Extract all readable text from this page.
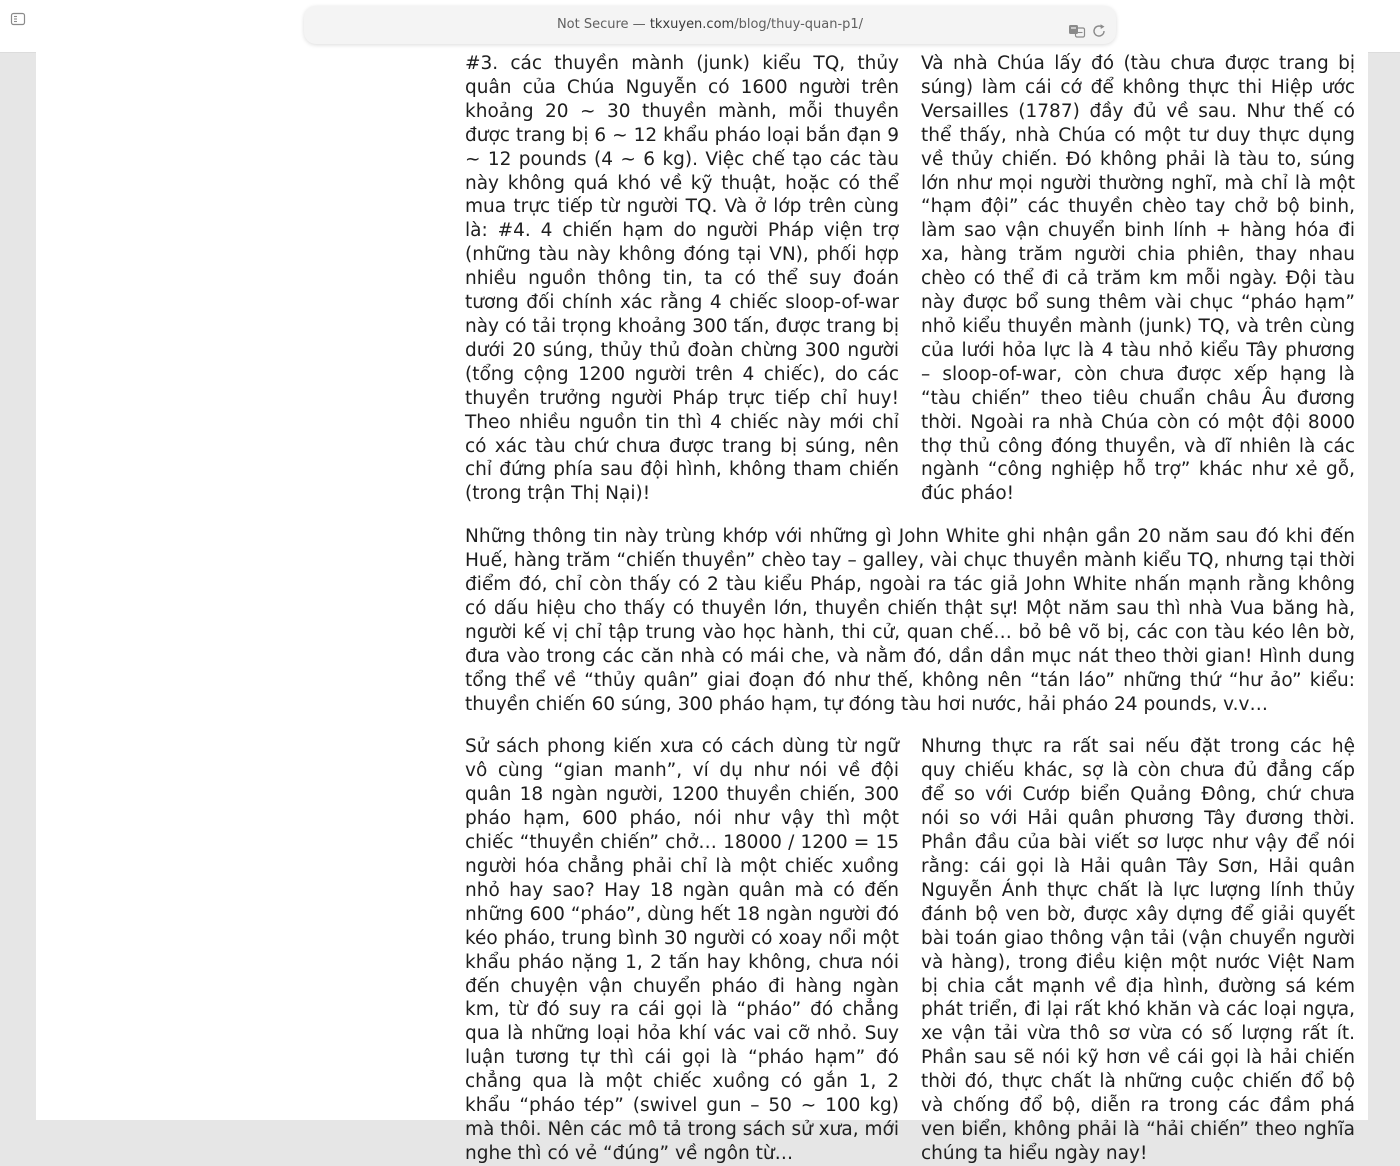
Not Secure — tkxuyen.com/blog/thuy-quan-p1/

#3. các thuyền mành (junk) kiểu TQ, thủy quân của Chúa Nguyễn có 1600 người trên khoảng 20 ~ 30 thuyền mành, mỗi thuyền được trang bị 6 ~ 12 khẩu pháo loại bắn đạn 9 ~ 12 pounds (4 ~ 6 kg). Việc chế tạo các tàu này không quá khó về kỹ thuật, hoặc có thể mua trực tiếp từ người TQ. Và ở lớp trên cùng là: #4. 4 chiến hạm do người Pháp viện trợ (những tàu này không đóng tại VN), phối hợp nhiều nguồn thông tin, ta có thể suy đoán tương đối chính xác rằng 4 chiếc sloop-of-war này có tải trọng khoảng 300 tấn, được trang bị dưới 20 súng, thủy thủ đoàn chừng 300 người (tổng cộng 1200 người trên 4 chiếc), do các thuyền trưởng người Pháp trực tiếp chỉ huy! Theo nhiều nguồn tin thì 4 chiếc này mới chỉ có xác tàu chứ chưa được trang bị súng, nên chỉ đứng phía sau đội hình, không tham chiến (trong trận Thị Nại)!

Và nhà Chúa lấy đó (tàu chưa được trang bị súng) làm cái cớ để không thực thi Hiệp ước Versailles (1787) đầy đủ về sau. Như thế có thể thấy, nhà Chúa có một tư duy thực dụng về thủy chiến. Đó không phải là tàu to, súng lớn như mọi người thường nghĩ, mà chỉ là một “hạm đội” các thuyền chèo tay chở bộ binh, làm sao vận chuyển binh lính + hàng hóa đi xa, hàng trăm người chia phiên, thay nhau chèo có thể đi cả trăm km mỗi ngày. Đội tàu này được bổ sung thêm vài chục “pháo hạm” nhỏ kiểu thuyền mành (junk) TQ, và trên cùng của lưới hỏa lực là 4 tàu nhỏ kiểu Tây phương – sloop-of-war, còn chưa được xếp hạng là “tàu chiến” theo tiêu chuẩn châu Âu đương thời. Ngoài ra nhà Chúa còn có một đội 8000 thợ thủ công đóng thuyền, và dĩ nhiên là các ngành “công nghiệp hỗ trợ” khác như xẻ gỗ, đúc pháo!

Những thông tin này trùng khớp với những gì John White ghi nhận gần 20 năm sau đó khi đến Huế, hàng trăm “chiến thuyền” chèo tay – galley, vài chục thuyền mành kiểu TQ, nhưng tại thời điểm đó, chỉ còn thấy có 2 tàu kiểu Pháp, ngoài ra tác giả John White nhấn mạnh rằng không có dấu hiệu cho thấy có thuyền lớn, thuyền chiến thật sự! Một năm sau thì nhà Vua băng hà, người kế vị chỉ tập trung vào học hành, thi cử, quan chế… bỏ bê võ bị, các con tàu kéo lên bờ, đưa vào trong các căn nhà có mái che, và nằm đó, dần dần mục nát theo thời gian! Hình dung tổng thể về “thủy quân” giai đoạn đó như thế, không nên “tán láo” những thứ “hư ảo” kiểu: thuyền chiến 60 súng, 300 pháo hạm, tự đóng tàu hơi nước, hải pháo 24 pounds, v.v…

Sử sách phong kiến xưa có cách dùng từ ngữ vô cùng “gian manh”, ví dụ như nói về đội quân 18 ngàn người, 1200 thuyền chiến, 300 pháo hạm, 600 pháo, nói như vậy thì một chiếc “thuyền chiến” chở… 18000 / 1200 = 15 người hóa chẳng phải chỉ là một chiếc xuồng nhỏ hay sao? Hay 18 ngàn quân mà có đến những 600 “pháo”, dùng hết 18 ngàn người đó kéo pháo, trung bình 30 người có xoay nổi một khẩu pháo nặng 1, 2 tấn hay không, chưa nói đến chuyện vận chuyển pháo đi hàng ngàn km, từ đó suy ra cái gọi là “pháo” đó chẳng qua là những loại hỏa khí vác vai cỡ nhỏ. Suy luận tương tự thì cái gọi là “pháo hạm” đó chẳng qua là một chiếc xuồng có gắn 1, 2 khẩu “pháo tép” (swivel gun – 50 ~ 100 kg) mà thôi. Nên các mô tả trong sách sử xưa, mới nghe thì có vẻ “đúng” về ngôn từ…

Nhưng thực ra rất sai nếu đặt trong các hệ quy chiếu khác, sợ là còn chưa đủ đẳng cấp để so với Cướp biển Quảng Đông, chứ chưa nói so với Hải quân phương Tây đương thời. Phần đầu của bài viết sơ lược như vậy để nói rằng: cái gọi là Hải quân Tây Sơn, Hải quân Nguyễn Ánh thực chất là lực lượng lính thủy đánh bộ ven bờ, được xây dựng để giải quyết bài toán giao thông vận tải (vận chuyển người và hàng), trong điều kiện một nước Việt Nam bị chia cắt mạnh về địa hình, đường sá kém phát triển, đi lại rất khó khăn và các loại ngựa, xe vận tải vừa thô sơ vừa có số lượng rất ít. Phần sau sẽ nói kỹ hơn về cái gọi là hải chiến thời đó, thực chất là những cuộc chiến đổ bộ và chống đổ bộ, diễn ra trong các đầm phá ven biển, không phải là “hải chiến” theo nghĩa chúng ta hiểu ngày nay!
